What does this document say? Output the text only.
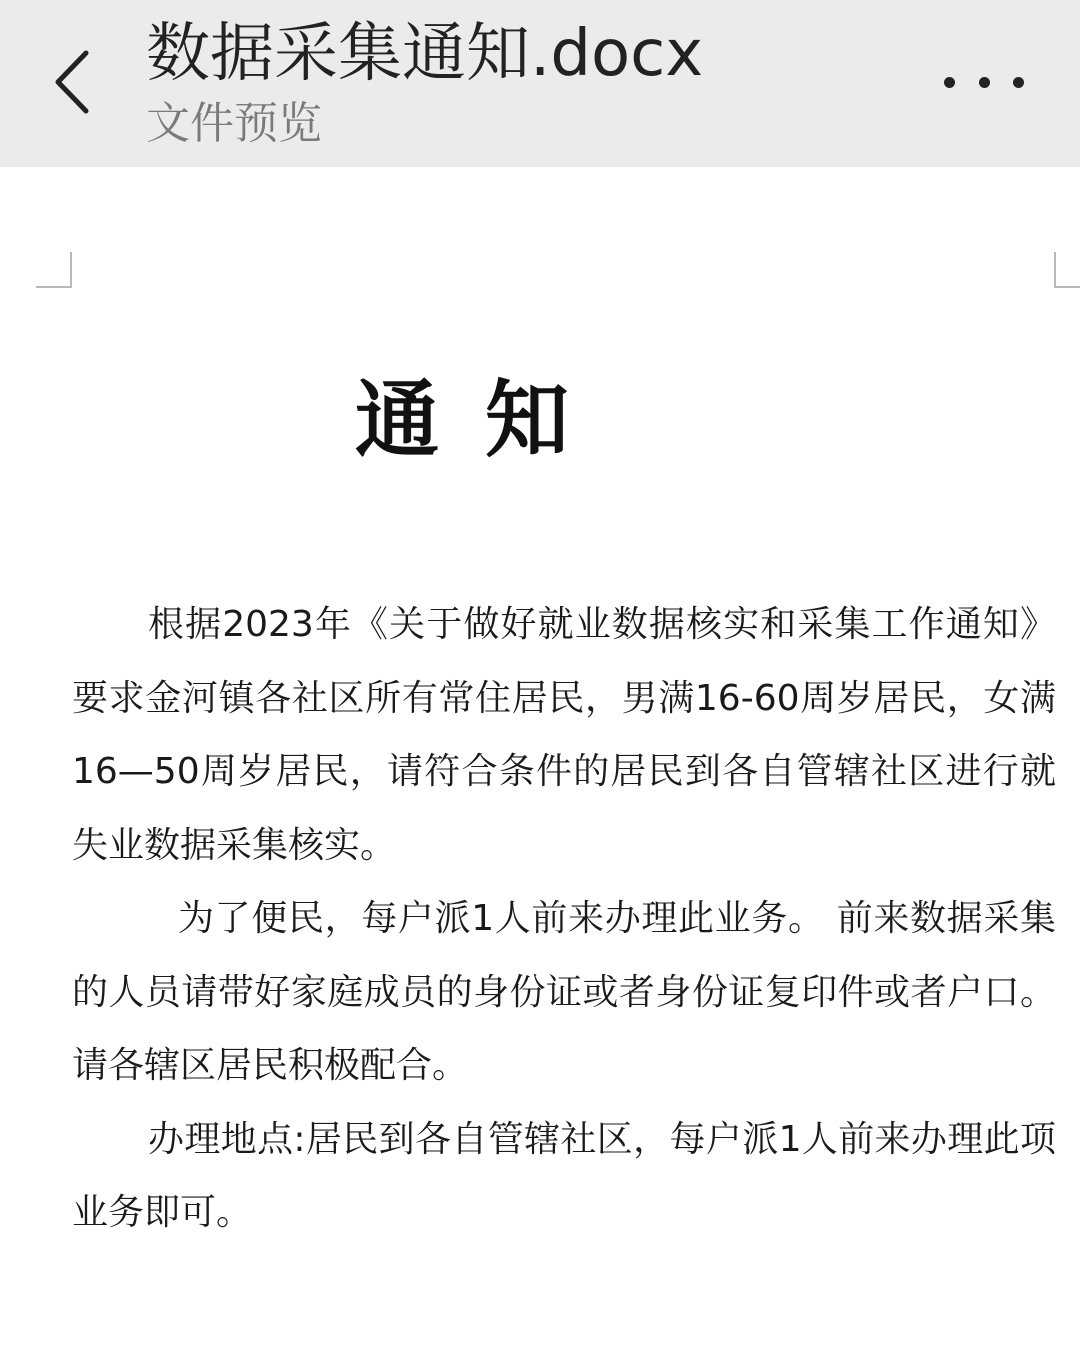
数据采集通知.docx
文件预览
通知

根据2023年《关于做好就业数据核实和采集工作通知》要求金河镇各社区所有常住居民，男满16-60周岁居民，女满16—50周岁居民，请符合条件的居民到各自管辖社区进行就失业数据采集核实。

为了便民，每户派1人前来办理此业务。 前来数据采集的人员请带好家庭成员的身份证或者身份证复印件或者户口。请各辖区居民积极配合。

办理地点:居民到各自管辖社区，每户派1人前来办理此项业务即可。
